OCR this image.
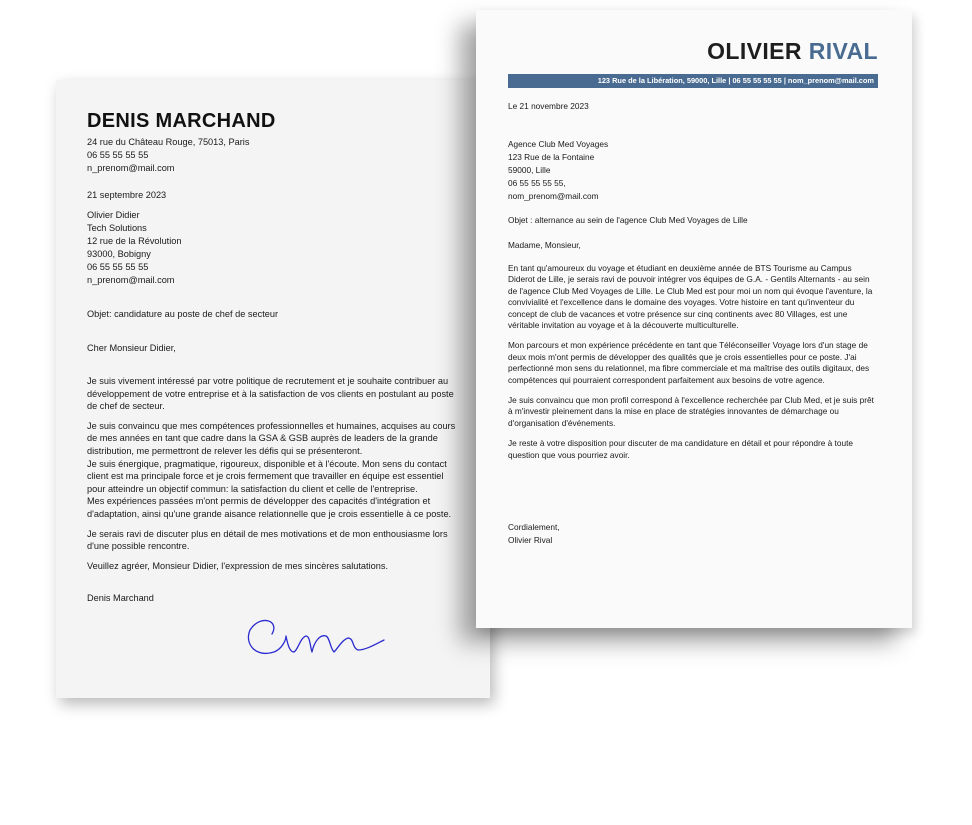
DENIS MARCHAND

24 rue du Château Rouge, 75013, Paris

06 55 55 55 55

n_prenom@mail.com

21 septembre 2023

Olivier Didier

Tech Solutions

12 rue de la Révolution

93000, Bobigny

06 55 55 55 55

n_prenom@mail.com

Objet: candidature au poste de chef de secteur

Cher Monsieur Didier,

Je suis vivement intéressé par votre politique de recrutement et je souhaite contribuer au développement de votre entreprise et à la satisfaction de vos clients en postulant au poste de chef de secteur.

Je suis convaincu que mes compétences professionnelles et humaines, acquises au cours de mes années en tant que cadre dans la GSA & GSB auprès de leaders de la grande distribution, me permettront de relever les défis qui se présenteront.
Je suis énergique, pragmatique, rigoureux, disponible et à l'écoute. Mon sens du contact client est ma principale force et je crois fermement que travailler en équipe est essentiel pour atteindre un objectif commun: la satisfaction du client et celle de l'entreprise.
Mes expériences passées m'ont permis de développer des capacités d'intégration et d'adaptation, ainsi qu'une grande aisance relationnelle que je crois essentielle à ce poste.

Je serais ravi de discuter plus en détail de mes motivations et de mon enthousiasme lors d'une possible rencontre.

Veuillez agréer, Monsieur Didier, l'expression de mes sincères salutations.

Denis Marchand

OLIVIER RIVAL
123 Rue de la Libération, 59000, Lille | 06 55 55 55 55 | nom_prenom@mail.com

Le 21 novembre 2023

Agence Club Med Voyages

123 Rue de la Fontaine

59000, Lille

06 55 55 55 55,

nom_prenom@mail.com

Objet : alternance au sein de l'agence Club Med Voyages de Lille

Madame, Monsieur,

En tant qu'amoureux du voyage et étudiant en deuxième année de BTS Tourisme au Campus Diderot de Lille, je serais ravi de pouvoir intégrer vos équipes de G.A. - Gentils Alternants - au sein de l'agence Club Med Voyages de Lille. Le Club Med est pour moi un nom qui évoque l'aventure, la convivialité et l'excellence dans le domaine des voyages. Votre histoire en tant qu'inventeur du concept de club de vacances et votre présence sur cinq continents avec 80 Villages, est une véritable invitation au voyage et à la découverte multiculturelle.

Mon parcours et mon expérience précédente en tant que Téléconseiller Voyage lors d'un stage de deux mois m'ont permis de développer des qualités que je crois essentielles pour ce poste. J'ai perfectionné mon sens du relationnel, ma fibre commerciale et ma maîtrise des outils digitaux, des compétences qui pourraient correspondent parfaitement aux besoins de votre agence.

Je suis convaincu que mon profil correspond à l'excellence recherchée par Club Med, et je suis prêt à m'investir pleinement dans la mise en place de stratégies innovantes de démarchage ou d'organisation d'événements.

Je reste à votre disposition pour discuter de ma candidature en détail et pour répondre à toute question que vous pourriez avoir.

Cordialement,

Olivier Rival
